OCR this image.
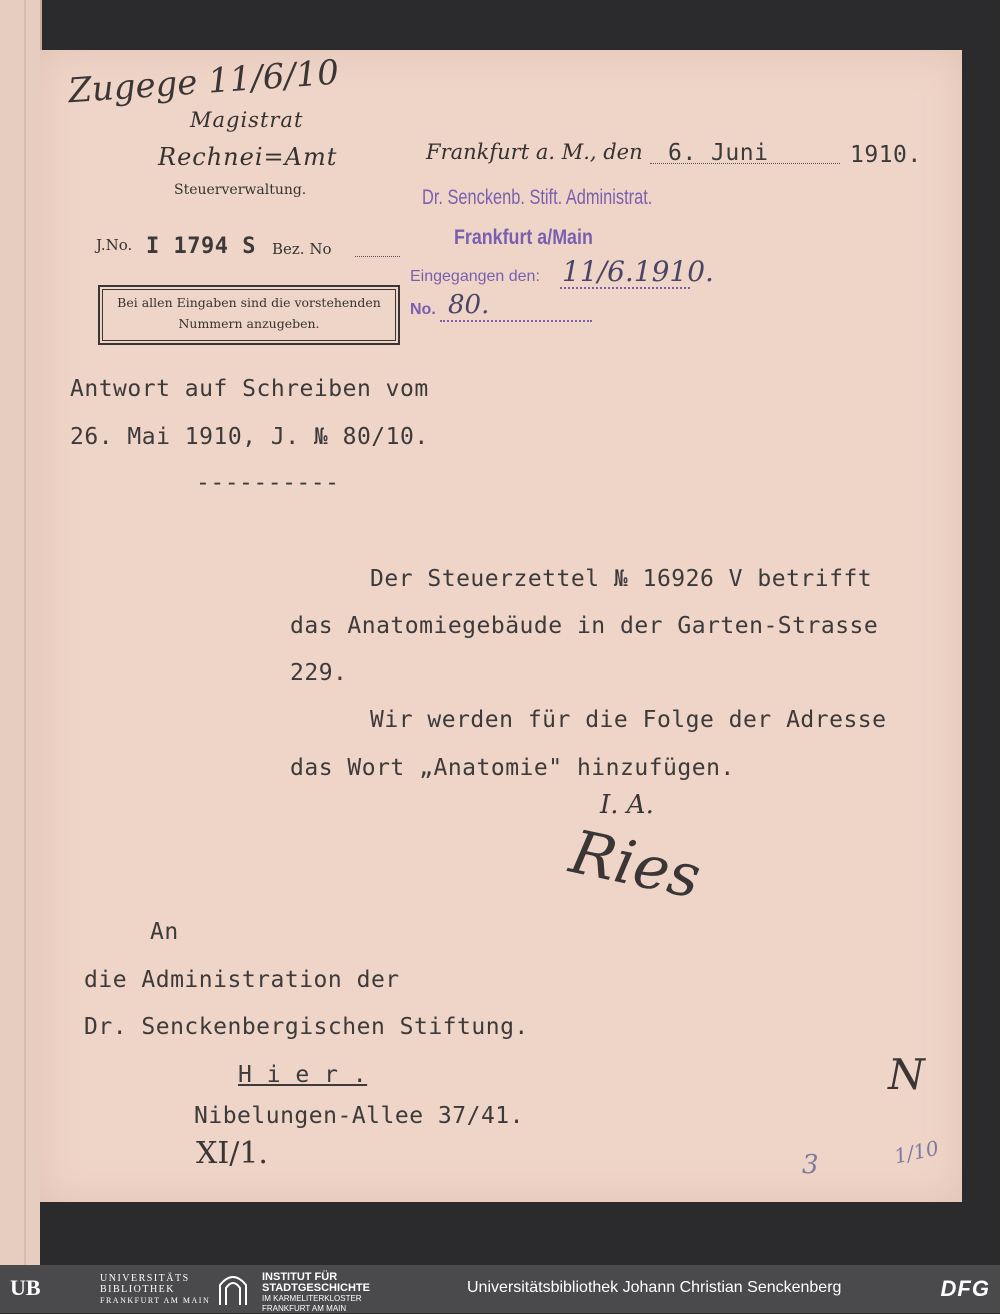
Zugege 11/6/10
Magistrat
Rechnei=Amt
Steuerverwaltung.
J.No. I 1794 S Bez. No
Bei allen Eingaben sind die vorstehenden Nummern anzugeben.
Frankfurt a. M., den 6. Juni	1910.
Dr. Senckenb. Stift. Administrat.
Frankfurt a/Main
Eingegangen den: 11/6.1910.
No. 80.
Antwort auf Schreiben vom
26. Mai 1910, J. № 80/10.
----------
Der Steuerzettel № 16926 V betrifft
das Anatomiegebäude in der Garten-Strasse
229.
Wir werden für die Folge der Adresse
das Wort „Anatomie" hinzufügen.
I. A.
Ries
An
die Administration der
Dr. Senckenbergischen Stiftung.
H i e r .
Nibelungen-Allee 37/41.
XI/1.	3
N
1/10
UB	UNIVERSITÄTS
BIBLIOTHEK
FRANKFURT AM MAIN
INSTITUT FÜR
STADTGESCHICHTE
IM KARMELITERKLOSTER
FRANKFURT AM MAIN
Universitätsbibliothek Johann Christian Senckenberg	DFG
